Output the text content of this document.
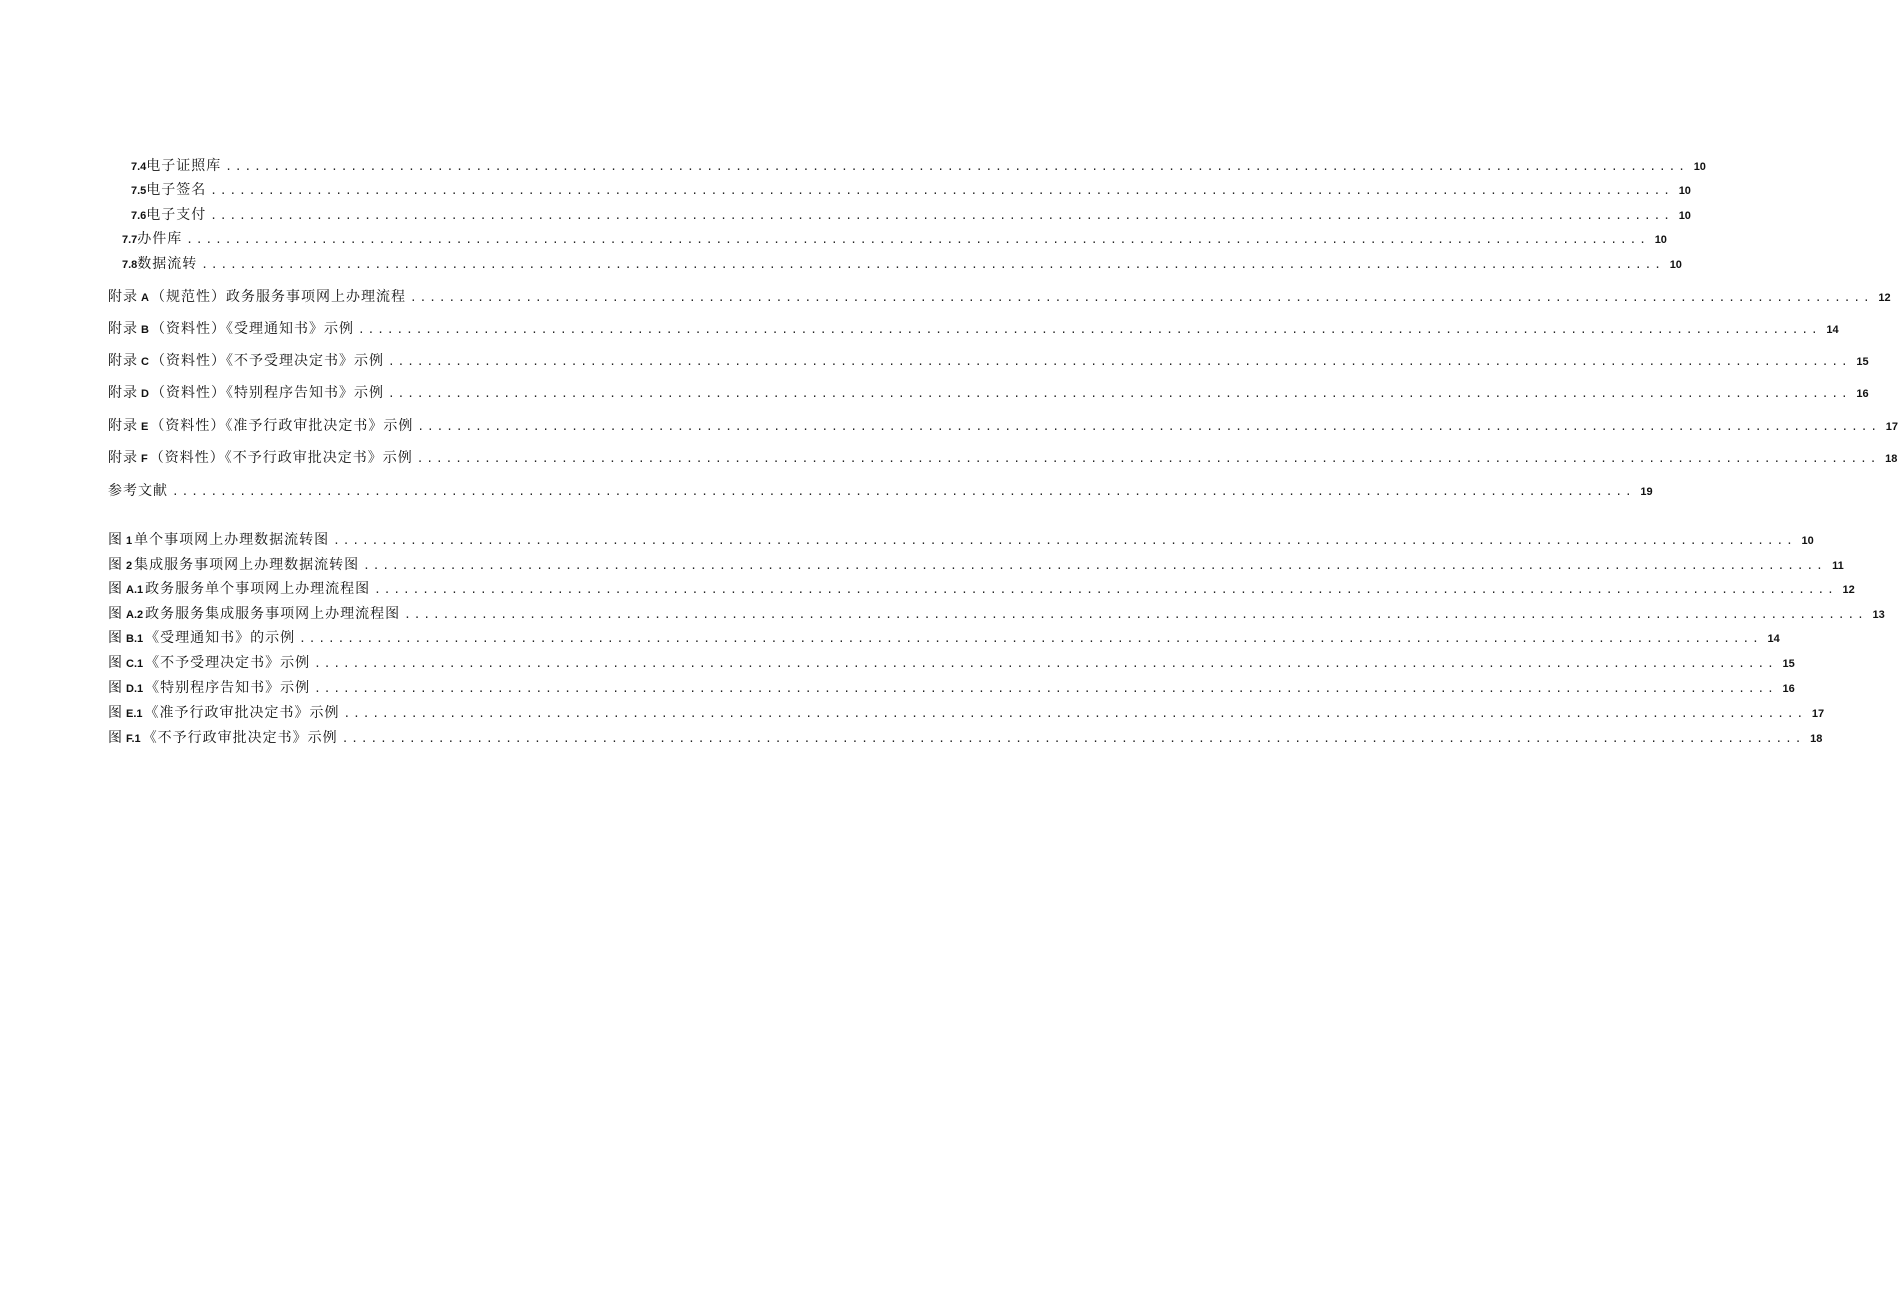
7.4 电子证照库 ........................................................................................................................................................ 10
7.5 电子签名 ........................................................................................................................................................ 10
7.6 电子支付 ........................................................................................................................................................ 10
7.7 办件库 ........................................................................................................................................................ 10
7.8 数据流转 ........................................................................................................................................................ 10
附录 A （规范性）政务服务事项网上办理流程 ........................................................................................................................................................ 12
附录 B （资料性）《受理通知书》示例 ........................................................................................................................................................ 14
附录 C （资料性）《不予受理决定书》示例 ........................................................................................................................................................ 15
附录 D （资料性）《特别程序告知书》示例 ........................................................................................................................................................ 16
附录 E （资料性）《准予行政审批决定书》示例 ........................................................................................................................................................ 17
附录 F （资料性）《不予行政审批决定书》示例 ........................................................................................................................................................ 18
参考文献 ........................................................................................................................................................ 19
图 1 单个事项网上办理数据流转图 ........................................................................................................................................................ 10
图 2 集成服务事项网上办理数据流转图 ........................................................................................................................................................ 11
图 A.1 政务服务单个事项网上办理流程图 ........................................................................................................................................................ 12
图 A.2 政务服务集成服务事项网上办理流程图 ........................................................................................................................................................ 13
图 B.1 《受理通知书》的示例 ........................................................................................................................................................ 14
图 C.1 《不予受理决定书》示例 ........................................................................................................................................................ 15
图 D.1 《特别程序告知书》示例 ........................................................................................................................................................ 16
图 E.1 《准予行政审批决定书》示例 ........................................................................................................................................................ 17
图 F.1 《不予行政审批决定书》示例 ........................................................................................................................................................ 18
